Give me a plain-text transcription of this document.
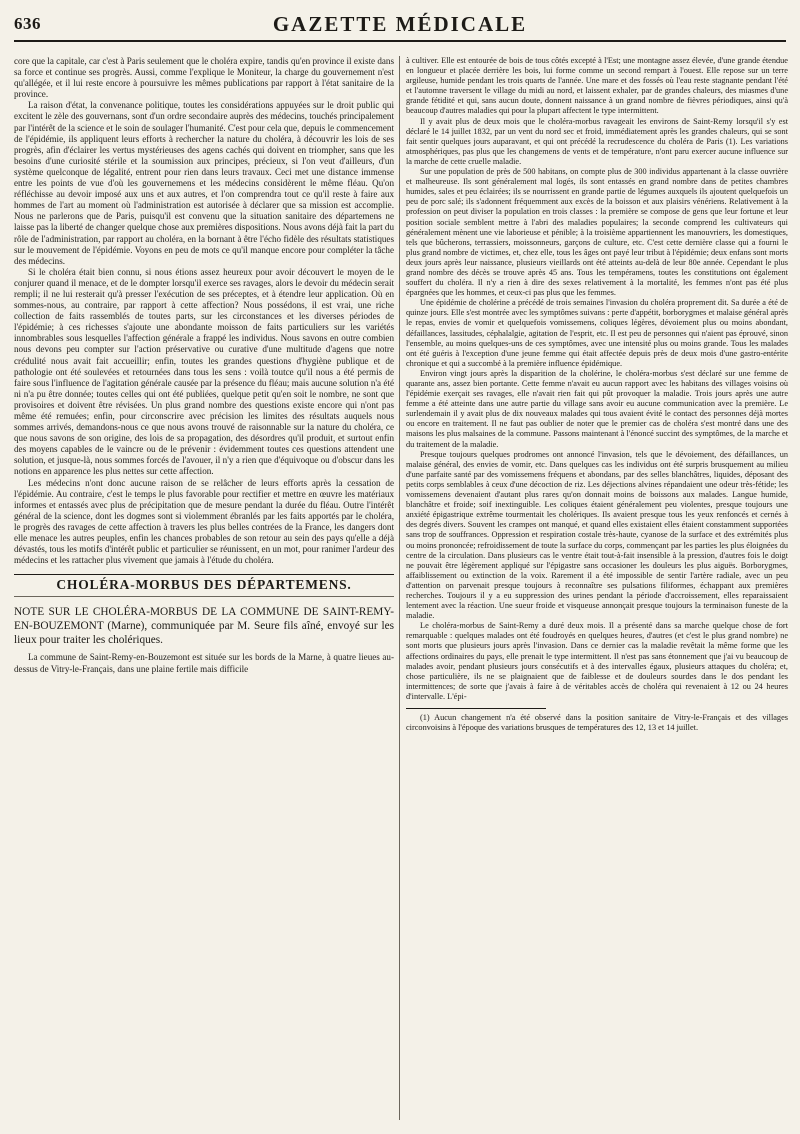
636	GAZETTE MÉDICALE

core que la capitale, car c'est à Paris seulement que le choléra expire, tandis qu'en province il existe dans sa force et continue ses progrès. Aussi, comme l'explique le Moniteur, la charge du gouvernement n'est qu'allégée, et il lui reste encore à poursuivre les mêmes publications par rapport à l'état sanitaire de la province.

La raison d'état, la convenance politique, toutes les considérations appuyées sur le droit public qui excitent le zèle des gouvernans, sont d'un ordre secondaire auprès des médecins, touchés principalement par l'intérêt de la science et le soin de soulager l'humanité. C'est pour cela que, depuis le commencement de l'épidémie, ils appliquent leurs efforts à rechercher la nature du choléra, à découvrir les lois de ses progrès, afin d'éclairer les vertus mystérieuses des agens cachés qui doivent en triompher, sans que les besoins d'une curiosité stérile et la soumission aux principes, précieux, si l'on veut d'ailleurs, d'un système quelconque de légalité, entrent pour rien dans leurs travaux. Ceci met une distance immense entre les points de vue d'où les gouvernemens et les médecins considèrent le même fléau. Qu'on réfléchisse au devoir imposé aux uns et aux autres, et l'on comprendra tout ce qu'il reste à faire aux hommes de l'art au moment où l'administration est autorisée à déclarer que sa mission est accomplie. Nous ne parlerons que de Paris, puisqu'il est convenu que la situation sanitaire des départemens ne laisse pas la liberté de changer quelque chose aux premières dispositions. Nous avons déjà fait la part du rôle de l'administration, par rapport au choléra, en la bornant à être l'écho fidèle des résultats statistiques sur le mouvement de l'épidémie. Voyons en peu de mots ce qu'il manque encore pour compléter la tâche des médecins.

Si le choléra était bien connu, si nous étions assez heureux pour avoir découvert le moyen de le conjurer quand il menace, et de le dompter lorsqu'il exerce ses ravages, alors le devoir du médecin serait rempli; il ne lui resterait qu'à presser l'exécution de ses préceptes, et à étendre leur application. Où en sommes-nous, au contraire, par rapport à cette affection? Nous possédons, il est vrai, une riche collection de faits rassemblés de toutes parts, sur les circonstances et les diverses périodes de l'épidémie; à ces richesses s'ajoute une abondante moisson de faits particuliers sur les variétés innombrables sous lesquelles l'affection générale a frappé les individus. Nous savons en outre combien nous devons peu compter sur l'action préservative ou curative d'une multitude d'agens que notre crédulité nous avait fait accueillir; enfin, toutes les grandes questions d'hygiène publique et de pathologie ont été soulevées et retournées dans tous les sens : voilà toutce qu'il nous a été permis de faire sous l'influence de l'agitation générale causée par la présence du fléau; mais aucune solution n'a été ni n'a pu être donnée; toutes celles qui ont été publiées, quelque petit qu'en soit le nombre, ne sont que provisoires et doivent être révisées. Un plus grand nombre des questions existe encore qui n'ont pas même été remuées; enfin, pour circonscrire avec précision les limites des résultats auquels nous sommes arrivés, demandons-nous ce que nous avons trouvé de raisonnable sur la nature du choléra, ce que nous savons de son origine, des lois de sa propagation, des désordres qu'il produit, et surtout enfin des moyens capables de le vaincre ou de le prévenir : évidemment toutes ces questions attendent une solution, et jusque-là, nous sommes forcés de l'avouer, il n'y a rien que d'équivoque ou d'obscur dans les notions en apparence les plus nettes sur cette affection.

Les médecins n'ont donc aucune raison de se relâcher de leurs efforts après la cessation de l'épidémie. Au contraire, c'est le temps le plus favorable pour rectifier et mettre en œuvre les matériaux informes et entassés avec plus de précipitation que de mesure pendant la durée du fléau. Outre l'intérêt général de la science, dont les dogmes sont si violemment ébranlés par les faits apportés par le choléra, le progrès des ravages de cette affection à travers les plus belles contrées de la France, les dangers dont elle menace les autres peuples, enfin les chances probables de son retour au sein des pays qu'elle a déjà dévastés, tous les motifs d'intérêt public et particulier se réunissent, en un mot, pour ranimer l'ardeur des médecins et les rattacher plus vivement que jamais à l'étude du choléra.

CHOLÉRA-MORBUS DES DÉPARTEMENS.

NOTE SUR LE CHOLÉRA-MORBUS DE LA COMMUNE DE SAINT-REMY-EN-BOUZEMONT (Marne), communiquée par M. Seure fils aîné, envoyé sur les lieux pour traiter les cholériques.

La commune de Saint-Remy-en-Bouzemont est située sur les bords de la Marne, à quatre lieues au-dessus de Vitry-le-Français, dans une plaine fertile mais difficile

à cultiver. Elle est entourée de bois de tous côtés excepté à l'Est; une montagne assez élevée, d'une grande étendue en longueur et placée derrière les bois, lui forme comme un second rempart à l'ouest. Elle repose sur un terre argileuse, humide pendant les trois quarts de l'année. Une mare et des fossés où l'eau reste stagnante pendant l'été et l'automne traversent le village du midi au nord, et laissent exhaler, par de grandes chaleurs, des miasmes d'une grande fétidité et qui, sans aucun doute, donnent naissance à un grand nombre de fièvres périodiques, ainsi qu'à beaucoup d'autres maladies qui pour la plupart affectent le type intermittent.

Il y avait plus de deux mois que le choléra-morbus ravageait les environs de Saint-Remy lorsqu'il s'y est déclaré le 14 juillet 1832, par un vent du nord sec et froid, immédiatement après les grandes chaleurs, qui se sont fait sentir quelques jours auparavant, et qui ont précédé la recrudescence du choléra de Paris (1). Les variations atmosphériques, pas plus que les changemens de vents et de température, n'ont paru exercer aucune influence sur la marche de cette cruelle maladie.

Sur une population de près de 500 habitans, on compte plus de 300 individus appartenant à la classe ouvrière et malheureuse. Ils sont généralement mal logés, ils sont entassés en grand nombre dans de petites chambres humides, sales et peu éclairées; ils se nourrissent en grande partie de légumes auxquels ils ajoutent quelquefois un peu de porc salé; ils s'adonnent fréquemment aux excès de la boisson et aux plaisirs vénériens. Relativement à la profession on peut diviser la population en trois classes : la première se compose de gens que leur fortune et leur position sociale semblent mettre à l'abri des maladies populaires; la seconde comprend les cultivateurs qui généralement mènent une vie laborieuse et pénible; à la troisième appartiennent les manouvriers, les domestiques, tels que bûcherons, terrassiers, moissonneurs, garçons de culture, etc. C'est cette dernière classe qui a fourni le plus grand nombre de victimes, et, chez elle, tous les âges ont payé leur tribut à l'épidémie; deux enfans sont morts deux jours après leur naissance, plusieurs vieillards ont été atteints au-delà de leur 80e année. Cependant le plus grand nombre des décès se trouve après 45 ans. Tous les tempéramens, toutes les constitutions ont également souffert du choléra. Il n'y a rien à dire des sexes relativement à la mortalité, les femmes n'ont pas été plus épargnées que les hommes, et ceux-ci pas plus que les femmes.

Une épidémie de cholérine a précédé de trois semaines l'invasion du choléra proprement dit. Sa durée a été de quinze jours. Elle s'est montrée avec les symptômes suivans : perte d'appétit, borborygmes et malaise général après le repas, envies de vomir et quelquefois vomissemens, coliques légères, dévoiement plus ou moins abondant, défaillances, lassitudes, céphalalgie, agitation de l'esprit, etc. Il est peu de personnes qui n'aient pas éprouvé, sinon l'ensemble, au moins quelques-uns de ces symptômes, avec une intensité plus ou moins grande. Tous les malades ont été guéris à l'exception d'une jeune femme qui était affectée depuis près de deux mois d'une gastro-entérite chronique et qui a succombé à la première influence épidémique.

Environ vingt jours après la disparition de la cholérine, le choléra-morbus s'est déclaré sur une femme de quarante ans, assez bien portante. Cette femme n'avait eu aucun rapport avec les habitans des villages voisins où l'épidémie exerçait ses ravages, elle n'avait rien fait qui pût provoquer la maladie. Trois jours après une autre femme a été atteinte dans une autre partie du village sans avoir eu aucune communication avec la première. Le surlendemain il y avait plus de dix nouveaux malades qui tous avaient évité le contact des personnes déjà mortes ou encore en traitement. Il ne faut pas oublier de noter que le premier cas de choléra s'est montré dans une des maisons les plus malsaines de la commune. Passons maintenant à l'énoncé succint des symptômes, de la marche et du traitement de la maladie.

Presque toujours quelques prodromes ont annoncé l'invasion, tels que le dévoiement, des défaillances, un malaise général, des envies de vomir, etc. Dans quelques cas les individus ont été surpris brusquement au milieu d'une parfaite santé par des vomissemens fréquens et abondans, par des selles blanchâtres, liquides, déposant des petits corps semblables à ceux d'une décoction de riz. Les déjections alvines répandaient une odeur très-fétide; les vomissemens devenaient d'autant plus rares qu'on donnait moins de boissons aux malades. Langue humide, blanchâtre et froide; soif inextinguible. Les coliques étaient généralement peu violentes, presque toujours une anxiété épigastrique extrême tourmentait les cholériques. Ils avaient presque tous les yeux renfoncés et cernés à des degrés divers. Souvent les crampes ont manqué, et quand elles existaient elles étaient constamment supportées sans trop de souffrances. Oppression et respiration costale très-haute, cyanose de la surface et des extrémités plus ou moins prononcée; refroidissement de toute la surface du corps, commençant par les parties les plus éloignées du centre de la circulation. Dans plusieurs cas le ventre était tout-à-fait insensible à la pression, d'autres fois le doigt ne pouvait être légèrement appliqué sur l'épigastre sans occasioner les douleurs les plus aiguës. Borborygmes, affaiblissement ou extinction de la voix. Rarement il a été impossible de sentir l'artère radiale, avec un peu d'attention on parvenait presque toujours à reconnaître ses pulsations filiformes, échappant aux premières recherches. Toujours il y a eu suppression des urines pendant la période d'accroissement, elles reparaissaient lentement avec la réaction. Une sueur froide et visqueuse annonçait presque toujours la terminaison funeste de la maladie.

Le choléra-morbus de Saint-Remy a duré deux mois. Il a présenté dans sa marche quelque chose de fort remarquable : quelques malades ont été foudroyés en quelques heures, d'autres (et c'est le plus grand nombre) ne sont morts que plusieurs jours après l'invasion. Dans ce dernier cas la maladie revêtait la même forme que les affections ordinaires du pays, elle prenait le type intermittent. Il n'est pas sans étonnement que j'ai vu beaucoup de malades avoir, pendant plusieurs jours consécutifs et à des intervalles égaux, plusieurs attaques du choléra; et, chose particulière, ils ne se plaignaient que de faiblesse et de douleurs sourdes dans le dos pendant les intermittences; de sorte que j'avais à faire à de véritables accès de choléra qui revenaient à 12 ou 24 heures d'intervalle. L'épi-

(1) Aucun changement n'a été observé dans la position sanitaire de Vitry-le-Français et des villages circonvoisins à l'époque des variations brusques de températures des 12, 13 et 14 juillet.
